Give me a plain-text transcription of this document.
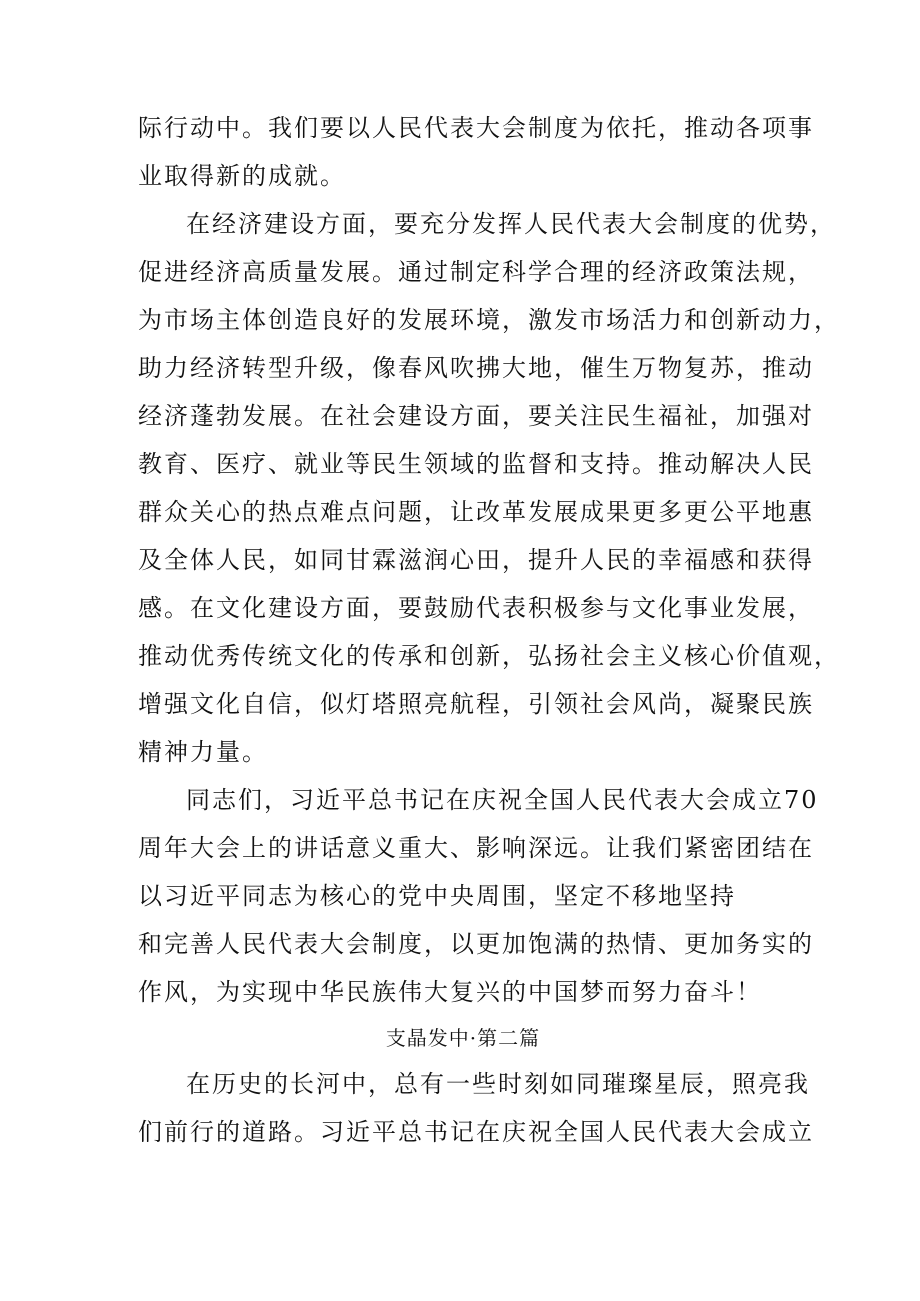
际行动中。我们要以人民代表大会制度为依托，推动各项事
业取得新的成就。
在经济建设方面，要充分发挥人民代表大会制度的优势，
促进经济高质量发展。通过制定科学合理的经济政策法规，
为市场主体创造良好的发展环境，激发市场活力和创新动力，
助力经济转型升级，像春风吹拂大地，催生万物复苏，推动
经济蓬勃发展。在社会建设方面，要关注民生福祉，加强对
教育、医疗、就业等民生领域的监督和支持。推动解决人民
群众关心的热点难点问题，让改革发展成果更多更公平地惠
及全体人民，如同甘霖滋润心田，提升人民的幸福感和获得
感。在文化建设方面，要鼓励代表积极参与文化事业发展，
推动优秀传统文化的传承和创新，弘扬社会主义核心价值观，
增强文化自信，似灯塔照亮航程，引领社会风尚，凝聚民族
精神力量。
同志们，习近平总书记在庆祝全国人民代表大会成立70
周年大会上的讲话意义重大、影响深远。让我们紧密团结在
以习近平同志为核心的党中央周围，坚定不移地坚持
和完善人民代表大会制度，以更加饱满的热情、更加务实的
作风，为实现中华民族伟大复兴的中国梦而努力奋斗！
支晶发中·第二篇
在历史的长河中，总有一些时刻如同璀璨星辰，照亮我
们前行的道路。习近平总书记在庆祝全国人民代表大会成立
